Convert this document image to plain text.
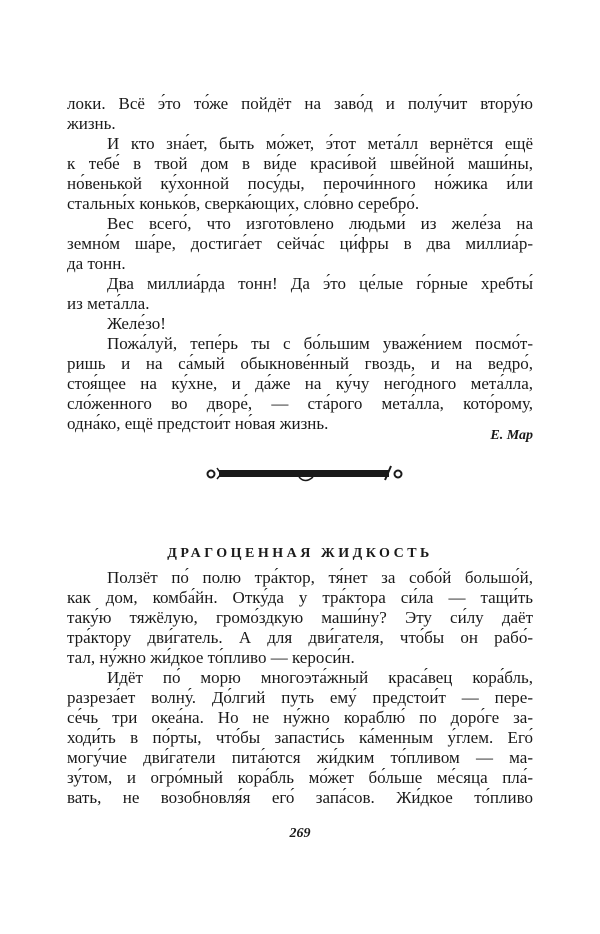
локи. Всё э́то то́же пойдёт на заво́д и полу́чит втору́ю
жизнь.
И кто зна́ет, быть мо́жет, э́тот мета́лл вернётся ещё
к тебе́ в твой дом в ви́де краси́вой шве́йной маши́ны,
но́венькой ку́хонной посу́ды, перочи́нного но́жика и́ли
стальны́х конько́в, сверка́ющих, сло́вно серебро́.
Вес всего́, что изгото́влено людьми́ из желе́за на
земно́м ша́ре, достига́ет сейча́с ци́фры в два миллиа́р-
да тонн.
Два миллиа́рда тонн! Да э́то це́лые го́рные хребты́
из мета́лла.
Желе́зо!
Пожа́луй, тепе́рь ты с бо́льшим уваже́нием посмо́т-
ришь и на са́мый обыкнове́нный гвоздь, и на ведро́,
стоя́щее на ку́хне, и да́же на ку́чу него́дного мета́лла,
сло́женного во дворе́, — ста́рого мета́лла, кото́рому,
одна́ко, ещё предстои́т но́вая жизнь.
Е. Мар
ДРАГОЦЕННАЯ ЖИДКОСТЬ
Ползёт по́ полю тра́ктор, тя́нет за собо́й большо́й,
как дом, комба́йн. Отку́да у тра́ктора си́ла — тащи́ть
таку́ю тяжёлую, громо́здкую маши́ну? Эту си́лу даёт
тра́ктору дви́гатель. А для дви́гателя, что́бы он рабо́-
тал, ну́жно жи́дкое то́пливо — кероси́н.
Идёт по́ морю многоэта́жный краса́вец кора́бль,
разреза́ет волну́. До́лгий путь ему́ предстои́т — пере-
се́чь три океа́на. Но не ну́жно кораблю́ по доро́ге за-
ходи́ть в по́рты, что́бы запасти́сь ка́менным у́глем. Его́
могу́чие дви́гатели пита́ются жи́дким то́пливом — ма-
зу́том, и огро́мный кора́бль мо́жет бо́льше ме́сяца пла́-
вать, не возобновля́я его́ запа́сов. Жи́дкое то́пливо
269
